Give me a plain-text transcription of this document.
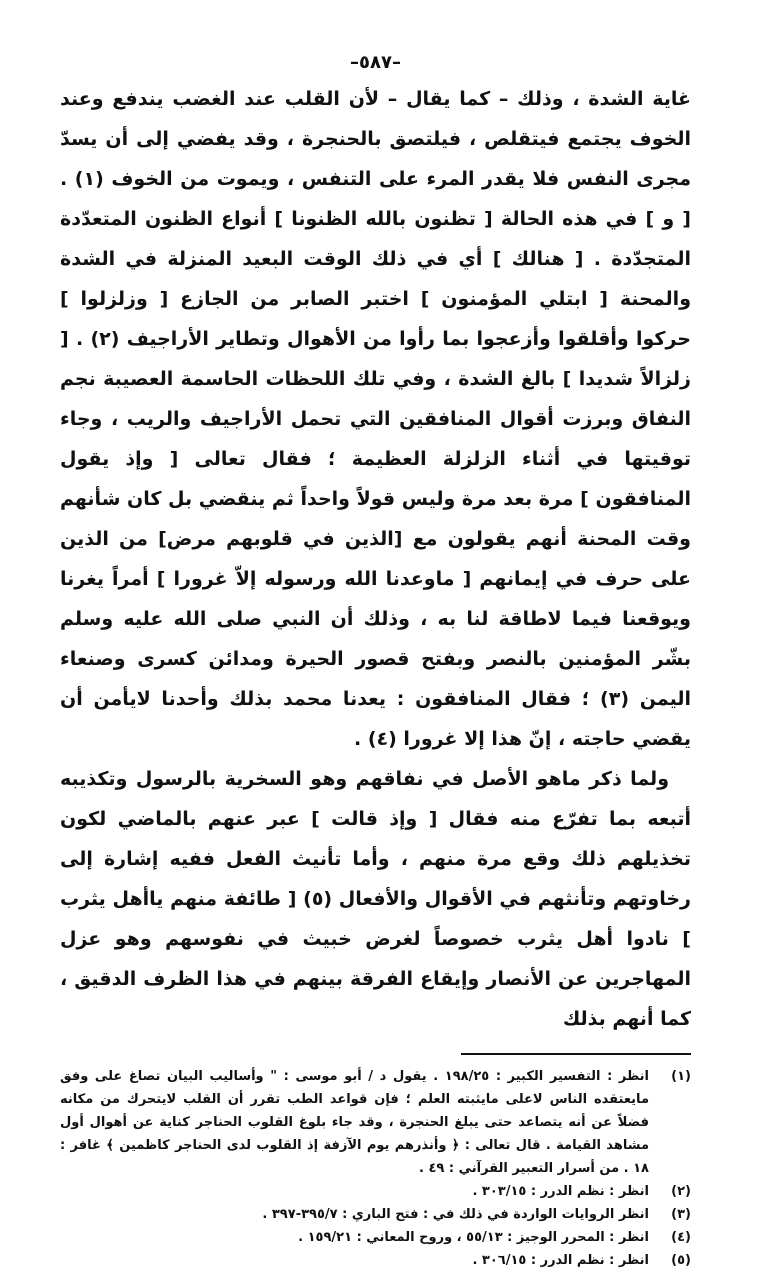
–٥٨٧–

غاية الشدة ، وذلك – كما يقال – لأن القلب عند الغضب يندفع وعند الخوف يجتمع فيتقلص ، فيلتصق بالحنجرة ، وقد يفضي إلى أن يسدّ مجرى النفس فلا يقدر المرء على التنفس ، ويموت من الخوف (١) . [ و ] في هذه الحالة [ تظنون بالله الظنونا ] أنواع الظنون المتعدّدة المتجدّدة . [ هنالك ] أي في ذلك الوقت البعيد المنزلة في الشدة والمحنة [ ابتلي المؤمنون ] اختبر الصابر من الجازع [ وزلزلوا ] حركوا وأقلقوا وأزعجوا بما رأوا من الأهوال وتطاير الأراجيف (٢) . [ زلزالاً شديدا ] بالغ الشدة ، وفي تلك اللحظات الحاسمة العصيبة نجم النفاق وبرزت أقوال المنافقين التي تحمل الأراجيف والريب ، وجاء توقيتها في أثناء الزلزلة العظيمة ؛ فقال تعالى [ وإذ يقول المنافقون ] مرة بعد مرة وليس قولاً واحداً ثم ينقضي بل كان شأنهم وقت المحنة أنهم يقولون مع [الذين في قلوبهم مرض] من الذين على حرف في إيمانهم [ ماوعدنا الله ورسوله إلاّ غرورا ] أمراً يغرنا ويوقعنا فيما لاطاقة لنا به ، وذلك أن النبي صلى الله عليه وسلم بشّر المؤمنين بالنصر وبفتح قصور الحيرة ومدائن كسرى وصنعاء اليمن (٣) ؛ فقال المنافقون : يعدنا محمد بذلك وأحدنا لايأمن أن يقضي حاجته ، إنّ هذا إلا غرورا (٤) .

ولما ذكر ماهو الأصل في نفاقهم وهو السخرية بالرسول وتكذيبه أتبعه بما تفرّع منه فقال [ وإذ قالت ] عبر عنهم بالماضي لكون تخذيلهم ذلك وقع مرة منهم ، وأما تأنيث الفعل ففيه إشارة إلى رخاوتهم وتأنثهم في الأقوال والأفعال (٥) [ طائفة منهم ياأهل يثرب ] نادوا أهل يثرب خصوصاً لغرض خبيث في نفوسهم وهو عزل المهاجرين عن الأنصار وإيقاع الفرقة بينهم في هذا الظرف الدقيق ، كما أنهم بذلك

(١)
انظر : التفسير الكبير : ١٩٨/٢٥ . يقول د / أبو موسى : " وأساليب البيان تصاغ على وفق مايعتقده الناس لاعلى مايثبته العلم ؛ فإن قواعد الطب تقرر أن القلب لايتحرك من مكانه فضلاً عن أنه يتصاعد حتى يبلغ الحنجرة ، وقد جاء بلوغ القلوب الحناجر كناية عن أهوال أول مشاهد القيامة . قال تعالى : ﴿ وأنذرهم يوم الآزفة إذ القلوب لدى الحناجر كاظمين ﴾ غافر : ١٨ . من أسرار التعبير القرآني : ٤٩ .
(٢)
انظر : نظم الدرر : ٣٠٣/١٥ .
(٣)
انظر الروايات الواردة في ذلك في : فتح الباري : ٣٩٥/٧-٣٩٧ .
(٤)
انظر : المحرر الوجيز : ٥٥/١٣ ، وروح المعاني : ١٥٩/٢١ .
(٥)
انظر : نظم الدرر : ٣٠٦/١٥ .
